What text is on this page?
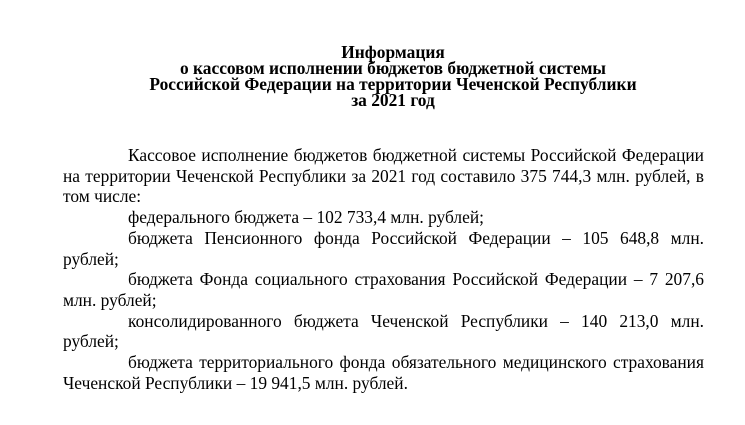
Информация
о кассовом исполнении бюджетов бюджетной системы
Российской Федерации на территории Чеченской Республики
за 2021 год
Кассовое исполнение бюджетов бюджетной системы Российской Федерации на территории Чеченской Республики за 2021 год составило 375 744,3 млн. рублей, в том числе:
федерального бюджета – 102 733,4 млн. рублей;
бюджета Пенсионного фонда Российской Федерации – 105 648,8 млн. рублей;
бюджета Фонда социального страхования Российской Федерации – 7 207,6 млн. рублей;
консолидированного бюджета Чеченской Республики – 140 213,0 млн. рублей;
бюджета территориального фонда обязательного медицинского страхования Чеченской Республики – 19 941,5 млн. рублей.
